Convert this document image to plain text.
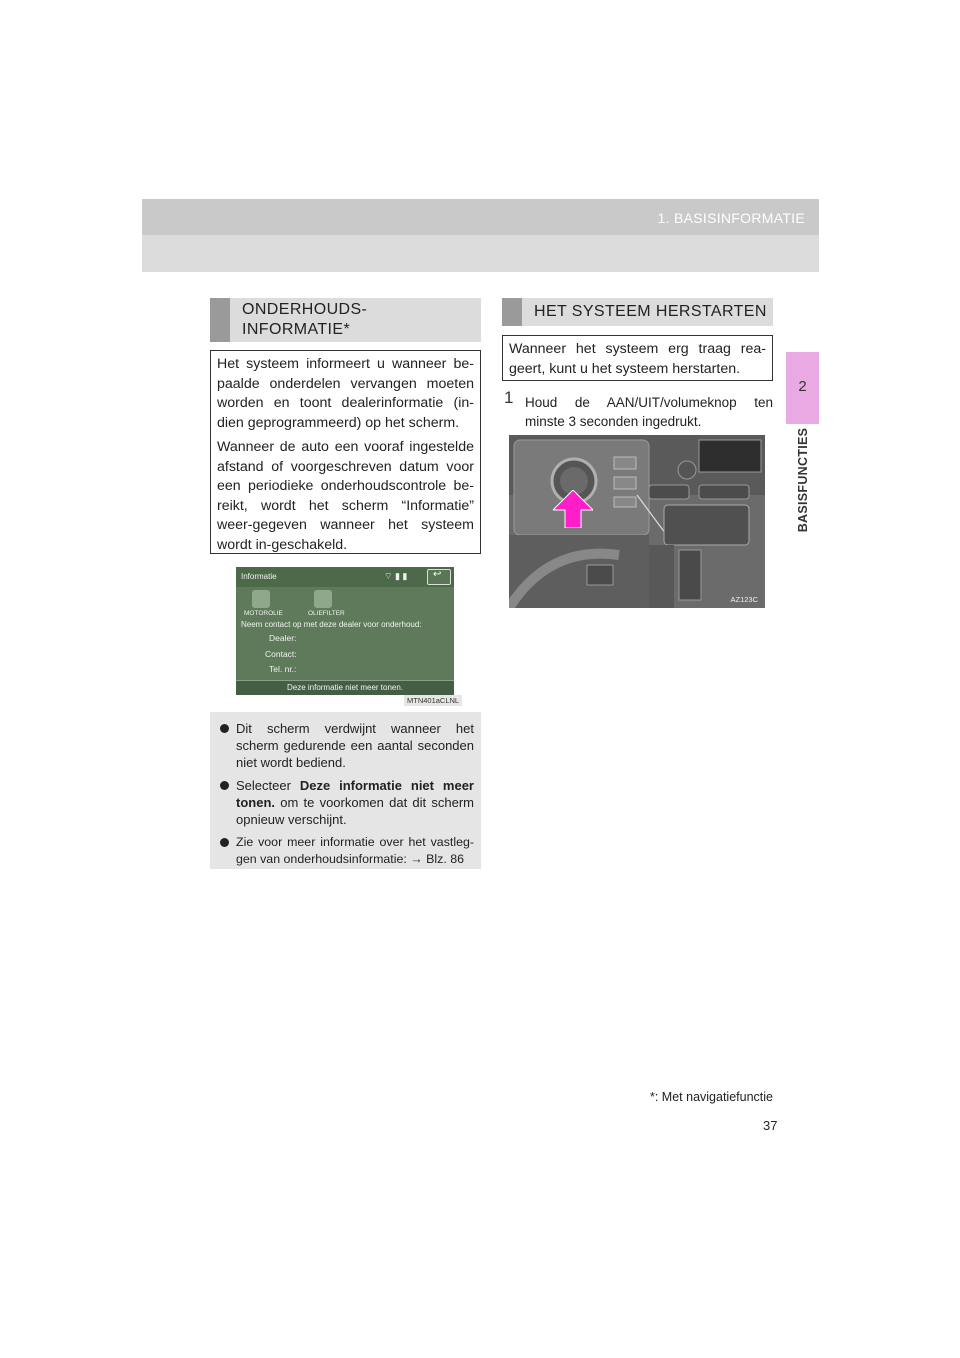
1. BASISINFORMATIE
2
BASISFUNCTIES
ONDERHOUDS-
INFORMATIE*
Het systeem informeert u wanneer be-paalde onderdelen vervangen moeten worden en toont dealerinformatie (in-dien geprogrammeerd) op het scherm.
Wanneer de auto een vooraf ingestelde afstand of voorgeschreven datum voor een periodieke onderhoudscontrole be-reikt, wordt het scherm “Informatie” weer-gegeven wanneer het systeem wordt in-geschakeld.
Informatie	⌔ ▮ ▮	↩
MOTOROLIE	OLIEFILTER
Neem contact op met deze dealer voor onderhoud:
Dealer:
Contact:
Tel. nr.:
Deze informatie niet meer tonen.
MTN401aCLNL
Dit scherm verdwijnt wanneer het scherm gedurende een aantal seconden niet wordt bediend.
Selecteer Deze informatie niet meer tonen. om te voorkomen dat dit scherm opnieuw verschijnt.
Zie voor meer informatie over het vastleg-gen van onderhoudsinformatie: → Blz. 86
HET SYSTEEM HERSTARTEN
Wanneer het systeem erg traag rea-geert, kunt u het systeem herstarten.
1 Houd de AAN/UIT/volumeknop ten minste 3 seconden ingedrukt.
AZ123C
*: Met navigatiefunctie
37
